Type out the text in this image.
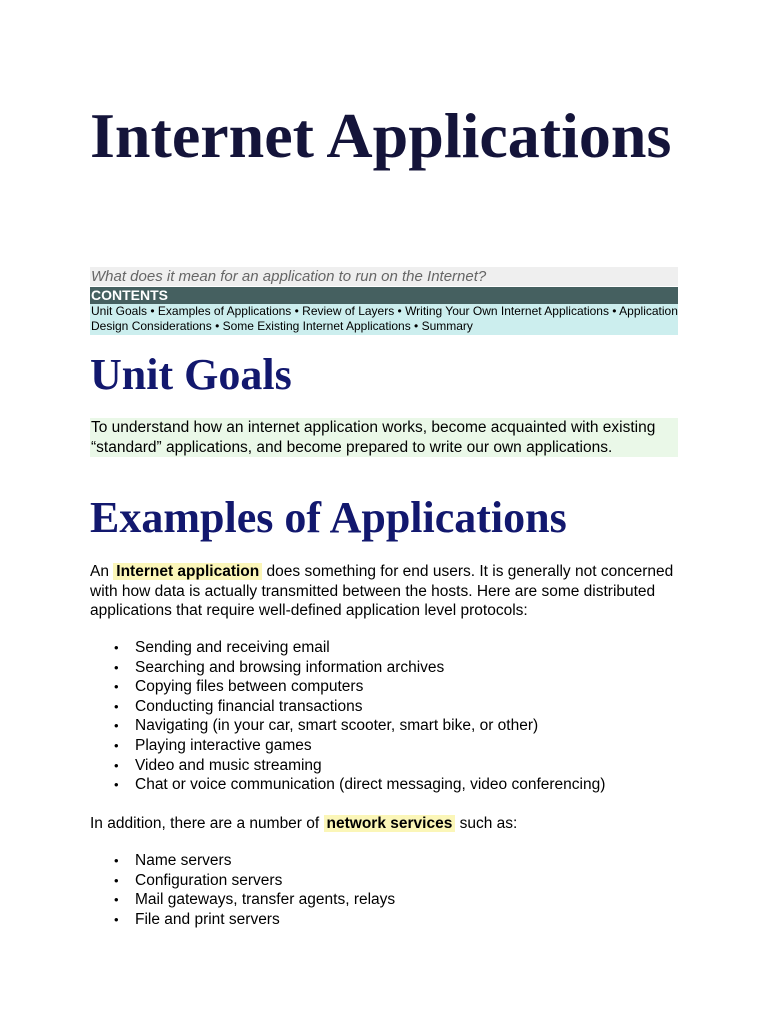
Internet Applications
What does it mean for an application to run on the Internet?
CONTENTS
Unit Goals • Examples of Applications • Review of Layers • Writing Your Own Internet Applications • Application Design Considerations • Some Existing Internet Applications • Summary
Unit Goals
To understand how an internet application works, become acquainted with existing “standard” applications, and become prepared to write our own applications.
Examples of Applications

An Internet application does something for end users. It is generally not concerned with how data is actually transmitted between the hosts. Here are some distributed applications that require well-defined application level protocols:

• Sending and receiving email
• Searching and browsing information archives
• Copying files between computers
• Conducting financial transactions
• Navigating (in your car, smart scooter, smart bike, or other)
• Playing interactive games
• Video and music streaming
• Chat or voice communication (direct messaging, video conferencing)

In addition, there are a number of network services such as:

• Name servers
• Configuration servers
• Mail gateways, transfer agents, relays
• File and print servers
